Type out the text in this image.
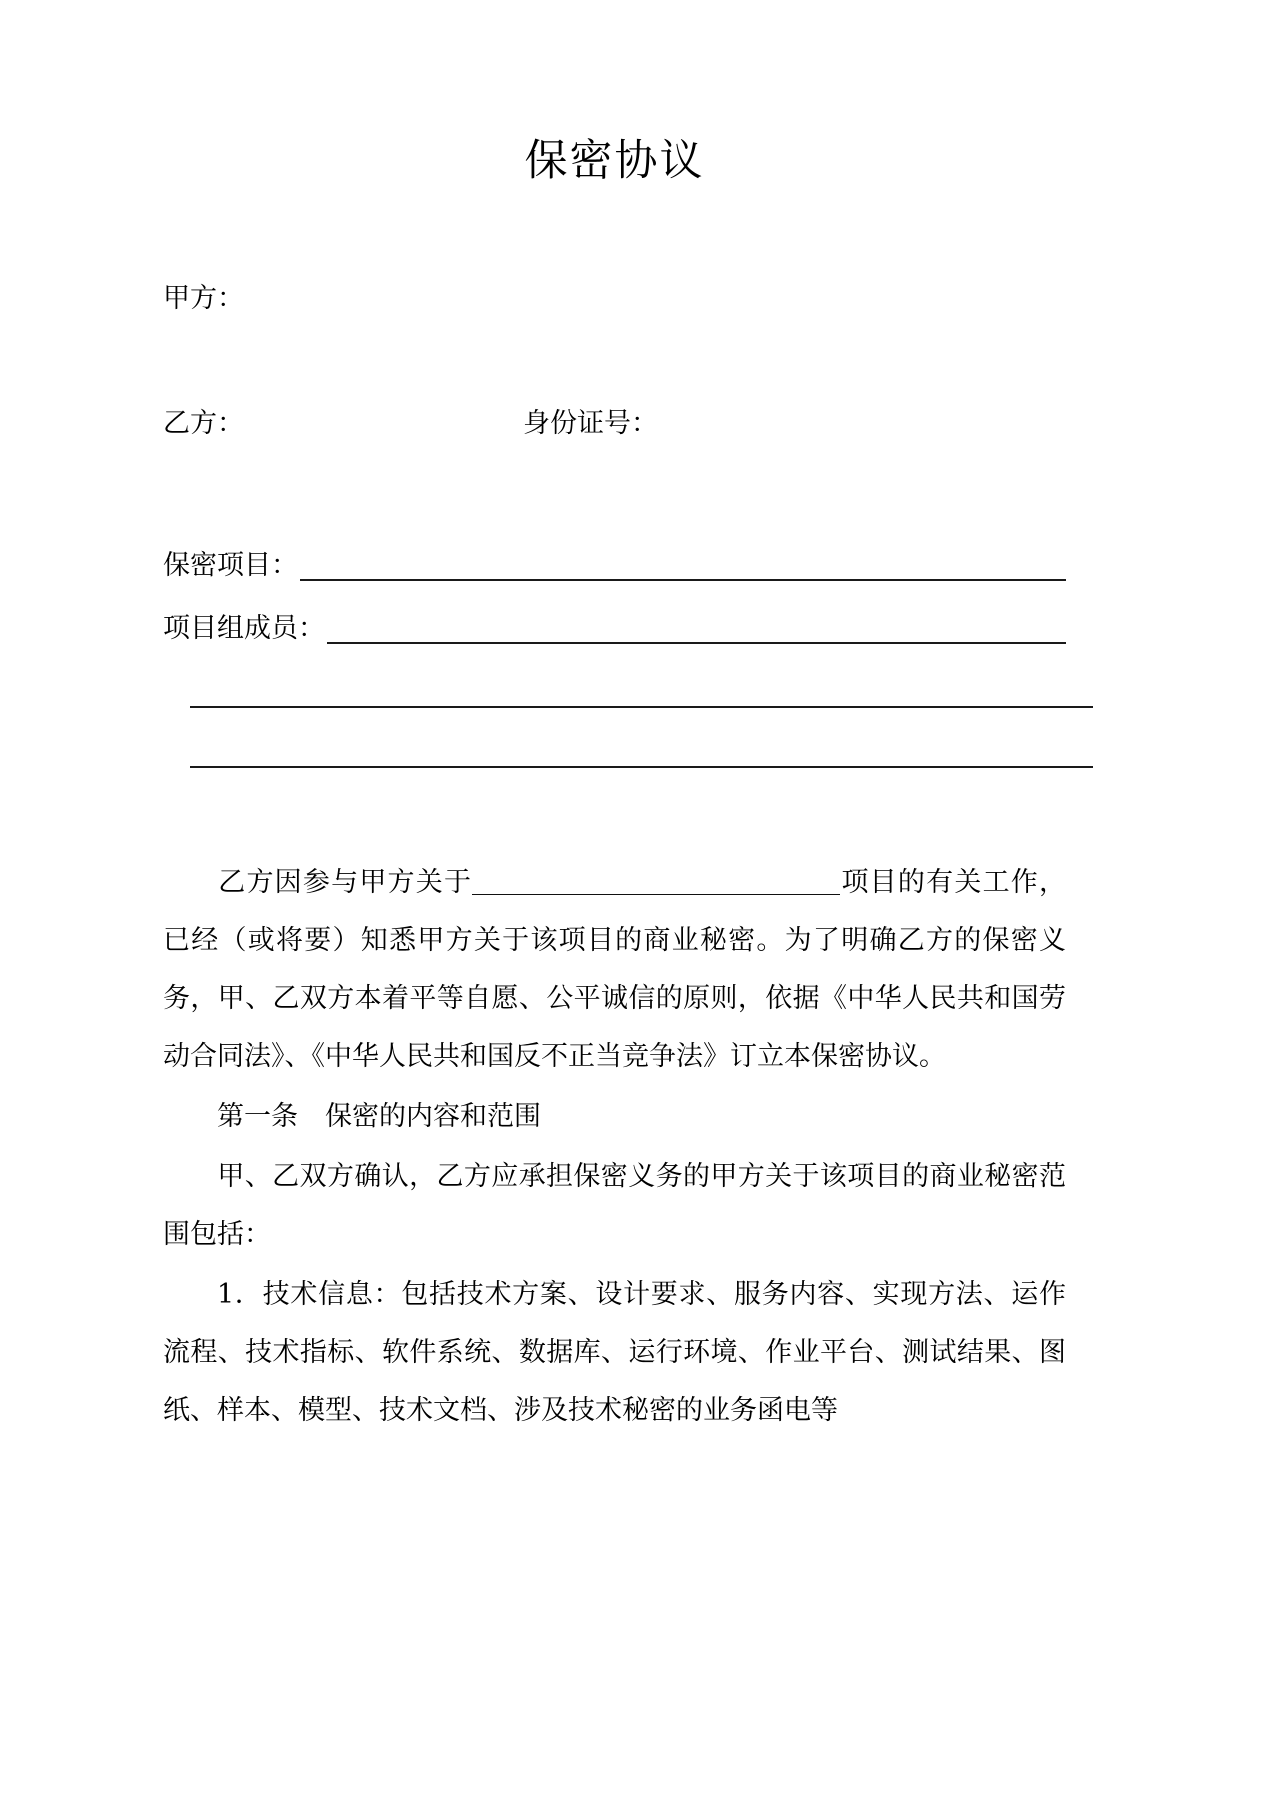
保密协议
甲方：
乙方：	身份证号：
保密项目：
项目组成员：

乙方因参与甲方关于	项目的有关工作，已经（或将要）知悉甲方关于该项目的商业秘密。为了明确乙方的保密义务，甲、乙双方本着平等自愿、公平诚信的原则，依据《中华人民共和国劳动合同法》、《中华人民共和国反不正当竞争法》订立本保密协议。

第一条　保密的内容和范围

甲、乙双方确认，乙方应承担保密义务的甲方关于该项目的商业秘密范围包括：

1．技术信息：包括技术方案、设计要求、服务内容、实现方法、运作流程、技术指标、软件系统、数据库、运行环境、作业平台、测试结果、图纸、样本、模型、技术文档、涉及技术秘密的业务函电等
